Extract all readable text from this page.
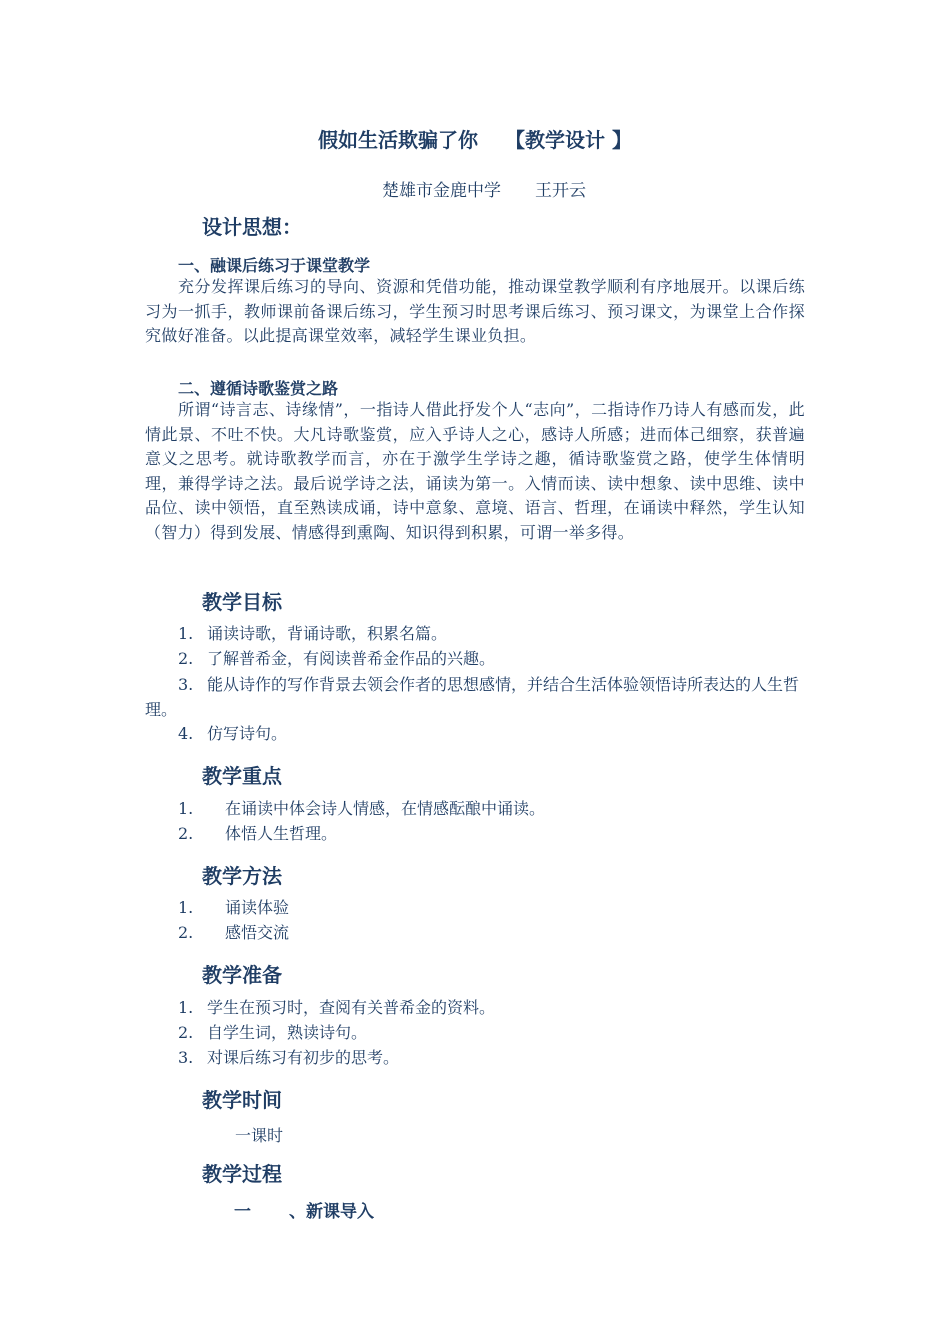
假如生活欺骗了你　 【教学设计 】
楚雄市金鹿中学　　王开云
设计思想：
一、融课后练习于课堂教学
充分发挥课后练习的导向、资源和凭借功能，推动课堂教学顺利有序地展开。以课后练习为一抓手，教师课前备课后练习，学生预习时思考课后练习、预习课文，为课堂上合作探究做好准备。以此提高课堂效率，减轻学生课业负担。
二、遵循诗歌鉴赏之路
所谓“诗言志、诗缘情”，一指诗人借此抒发个人“志向”，二指诗作乃诗人有感而发，此情此景、不吐不快。大凡诗歌鉴赏，应入乎诗人之心，感诗人所感；进而体己细察，获普遍意义之思考。就诗歌教学而言，亦在于激学生学诗之趣，循诗歌鉴赏之路，使学生体情明理，兼得学诗之法。最后说学诗之法，诵读为第一。入情而读、读中想象、读中思维、读中品位、读中领悟，直至熟读成诵，诗中意象、意境、语言、哲理，在诵读中释然，学生认知（智力）得到发展、情感得到熏陶、知识得到积累，可谓一举多得。
教学目标
1. 诵读诗歌，背诵诗歌，积累名篇。
2. 了解普希金，有阅读普希金作品的兴趣。
3. 能从诗作的写作背景去领会作者的思想感情，并结合生活体验领悟诗所表达的人生哲理。
4. 仿写诗句。
教学重点
1. 在诵读中体会诗人情感，在情感酝酿中诵读。
2. 体悟人生哲理。
教学方法
1. 诵读体验
2. 感悟交流
教学准备
1. 学生在预习时，查阅有关普希金的资料。
2. 自学生词，熟读诗句。
3. 对课后练习有初步的思考。
教学时间
一课时
教学过程
一 、新课导入
